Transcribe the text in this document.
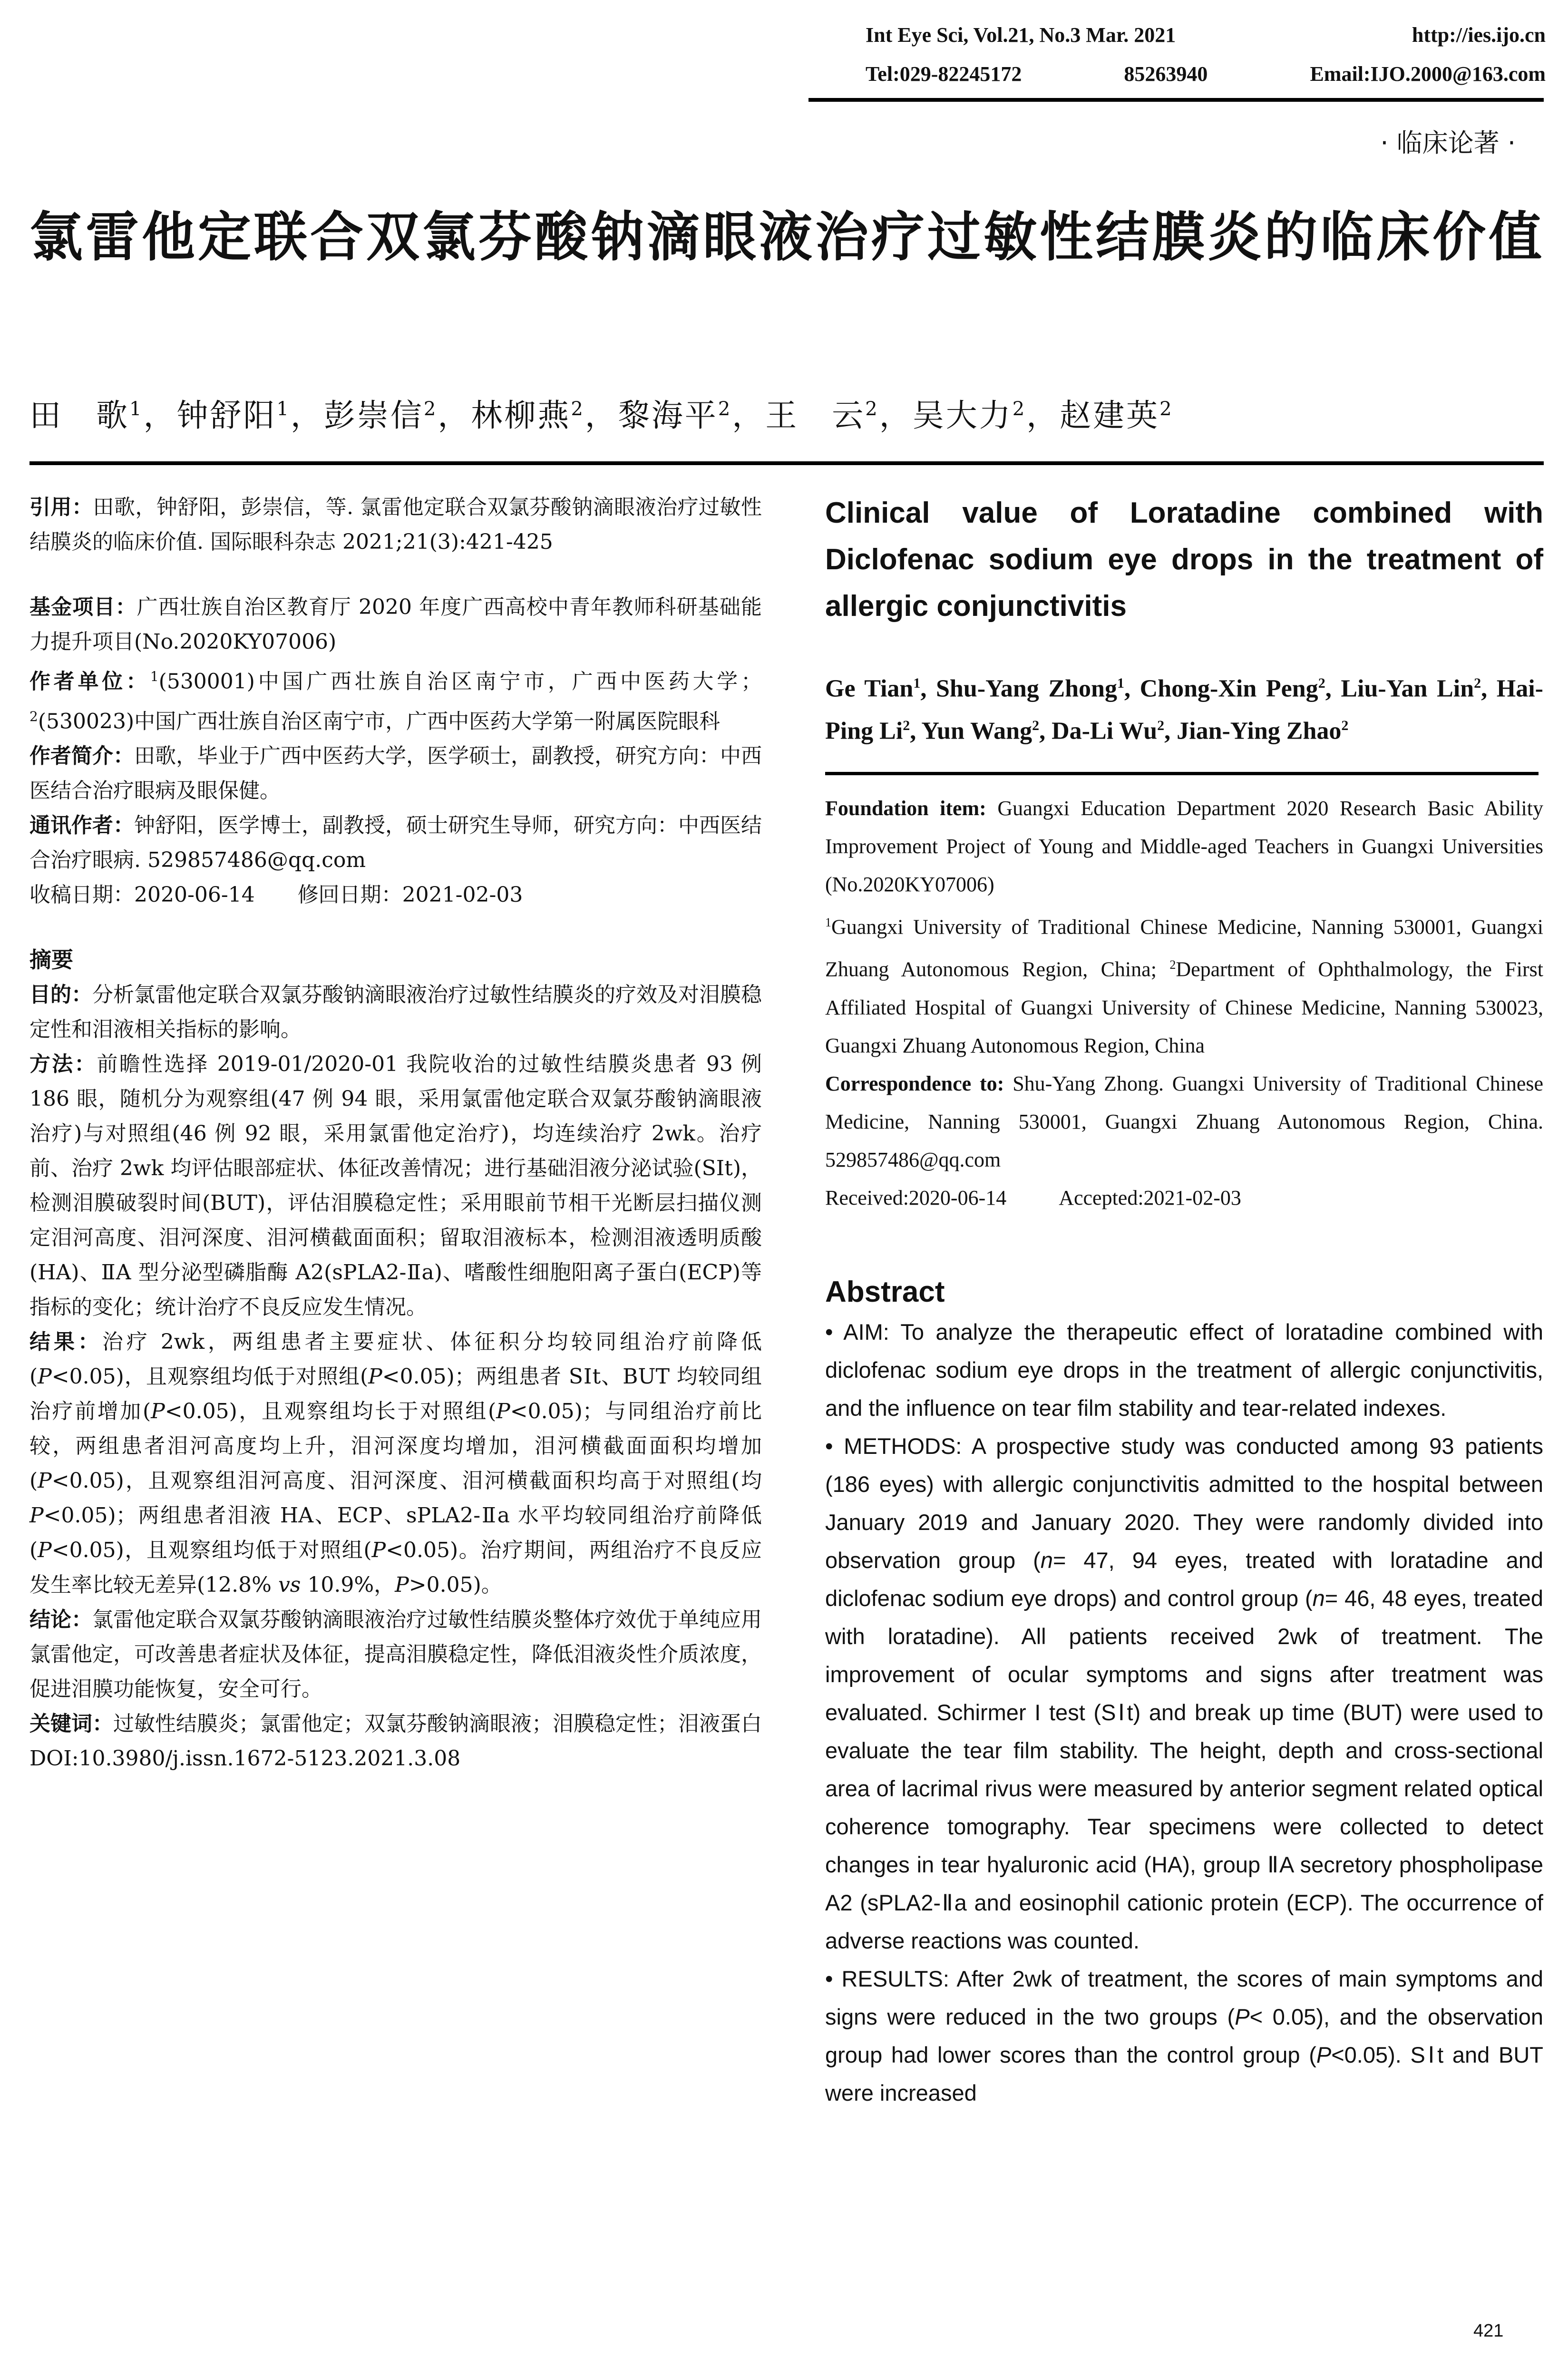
Int Eye Sci, Vol.21, No.3 Mar. 2021	http://ies.ijo.cn
Tel:029-82245172	85263940	Email:IJO.2000@163.com
· 临床论著 ·
氯雷他定联合双氯芬酸钠滴眼液治疗过敏性结膜炎的临床价值
田　歌$^1$，钟舒阳$^1$，彭崇信$^2$，林柳燕$^2$，黎海平$^2$，王　云$^2$，吴大力$^2$，赵建英$^2$

引用：田歌，钟舒阳，彭崇信，等. 氯雷他定联合双氯芬酸钠滴眼液治疗过敏性结膜炎的临床价值. 国际眼科杂志 2021;21(3):421-425

基金项目：广西壮族自治区教育厅 2020 年度广西高校中青年教师科研基础能力提升项目(No.2020KY07006)

作者单位：$^1$(530001)中国广西壮族自治区南宁市，广西中医药大学；$^2$(530023)中国广西壮族自治区南宁市，广西中医药大学第一附属医院眼科

作者简介：田歌，毕业于广西中医药大学，医学硕士，副教授，研究方向：中西医结合治疗眼病及眼保健。

通讯作者：钟舒阳，医学博士，副教授，硕士研究生导师，研究方向：中西医结合治疗眼病. 529857486@qq.com

收稿日期：2020-06-14 修回日期：2021-02-03

摘要

目的：分析氯雷他定联合双氯芬酸钠滴眼液治疗过敏性结膜炎的疗效及对泪膜稳定性和泪液相关指标的影响。

方法：前瞻性选择 2019-01/2020-01 我院收治的过敏性结膜炎患者 93 例 186 眼，随机分为观察组(47 例 94 眼，采用氯雷他定联合双氯芬酸钠滴眼液治疗)与对照组(46 例 92 眼，采用氯雷他定治疗)，均连续治疗 2wk。治疗前、治疗 2wk 均评估眼部症状、体征改善情况；进行基础泪液分泌试验(SⅠt)，检测泪膜破裂时间(BUT)，评估泪膜稳定性；采用眼前节相干光断层扫描仪测定泪河高度、泪河深度、泪河横截面面积；留取泪液标本，检测泪液透明质酸(HA)、ⅡA 型分泌型磷脂酶 A2(sPLA2-Ⅱa)、嗜酸性细胞阳离子蛋白(ECP)等指标的变化；统计治疗不良反应发生情况。

结果：治疗 2wk，两组患者主要症状、体征积分均较同组治疗前降低(P<0.05)，且观察组均低于对照组(P<0.05)；两组患者 SⅠt、BUT 均较同组治疗前增加(P<0.05)，且观察组均长于对照组(P<0.05)；与同组治疗前比较，两组患者泪河高度均上升，泪河深度均增加，泪河横截面面积均增加(P<0.05)，且观察组泪河高度、泪河深度、泪河横截面积均高于对照组(均 P<0.05)；两组患者泪液 HA、ECP、sPLA2-Ⅱa 水平均较同组治疗前降低(P<0.05)，且观察组均低于对照组(P<0.05)。治疗期间，两组治疗不良反应发生率比较无差异(12.8% vs 10.9%，P>0.05)。

结论：氯雷他定联合双氯芬酸钠滴眼液治疗过敏性结膜炎整体疗效优于单纯应用氯雷他定，可改善患者症状及体征，提高泪膜稳定性，降低泪液炎性介质浓度，促进泪膜功能恢复，安全可行。

关键词：过敏性结膜炎；氯雷他定；双氯芬酸钠滴眼液；泪膜稳定性；泪液蛋白

DOI:10.3980/j.issn.1672-5123.2021.3.08

Clinical value of Loratadine combined with Diclofenac sodium eye drops in the treatment of allergic conjunctivitis

Ge Tian$^1$, Shu-Yang Zhong$^1$, Chong-Xin Peng$^2$, Liu-Yan Lin$^2$, Hai-Ping Li$^2$, Yun Wang$^2$, Da-Li Wu$^2$, Jian-Ying Zhao$^2$

Foundation item: Guangxi Education Department 2020 Research Basic Ability Improvement Project of Young and Middle-aged Teachers in Guangxi Universities (No.2020KY07006)

$^1$Guangxi University of Traditional Chinese Medicine, Nanning 530001, Guangxi Zhuang Autonomous Region, China; $^2$Department of Ophthalmology, the First Affiliated Hospital of Guangxi University of Chinese Medicine, Nanning 530023, Guangxi Zhuang Autonomous Region, China

Correspondence to: Shu-Yang Zhong. Guangxi University of Traditional Chinese Medicine, Nanning 530001, Guangxi Zhuang Autonomous Region, China. 529857486@qq.com

Received:2020-06-14	Accepted:2021-02-03

Abstract

• AIM: To analyze the therapeutic effect of loratadine combined with diclofenac sodium eye drops in the treatment of allergic conjunctivitis, and the influence on tear film stability and tear-related indexes.

• METHODS: A prospective study was conducted among 93 patients (186 eyes) with allergic conjunctivitis admitted to the hospital between January 2019 and January 2020. They were randomly divided into observation group (n= 47, 94 eyes, treated with loratadine and diclofenac sodium eye drops) and control group (n= 46, 48 eyes, treated with loratadine). All patients received 2wk of treatment. The improvement of ocular symptoms and signs after treatment was evaluated. Schirmer I test (SⅠt) and break up time (BUT) were used to evaluate the tear film stability. The height, depth and cross-sectional area of lacrimal rivus were measured by anterior segment related optical coherence tomography. Tear specimens were collected to detect changes in tear hyaluronic acid (HA), group ⅡA secretory phospholipase A2 (sPLA2-Ⅱa and eosinophil cationic protein (ECP). The occurrence of adverse reactions was counted.

• RESULTS: After 2wk of treatment, the scores of main symptoms and signs were reduced in the two groups (P< 0.05), and the observation group had lower scores than the control group (P<0.05). SⅠt and BUT were increased

421
